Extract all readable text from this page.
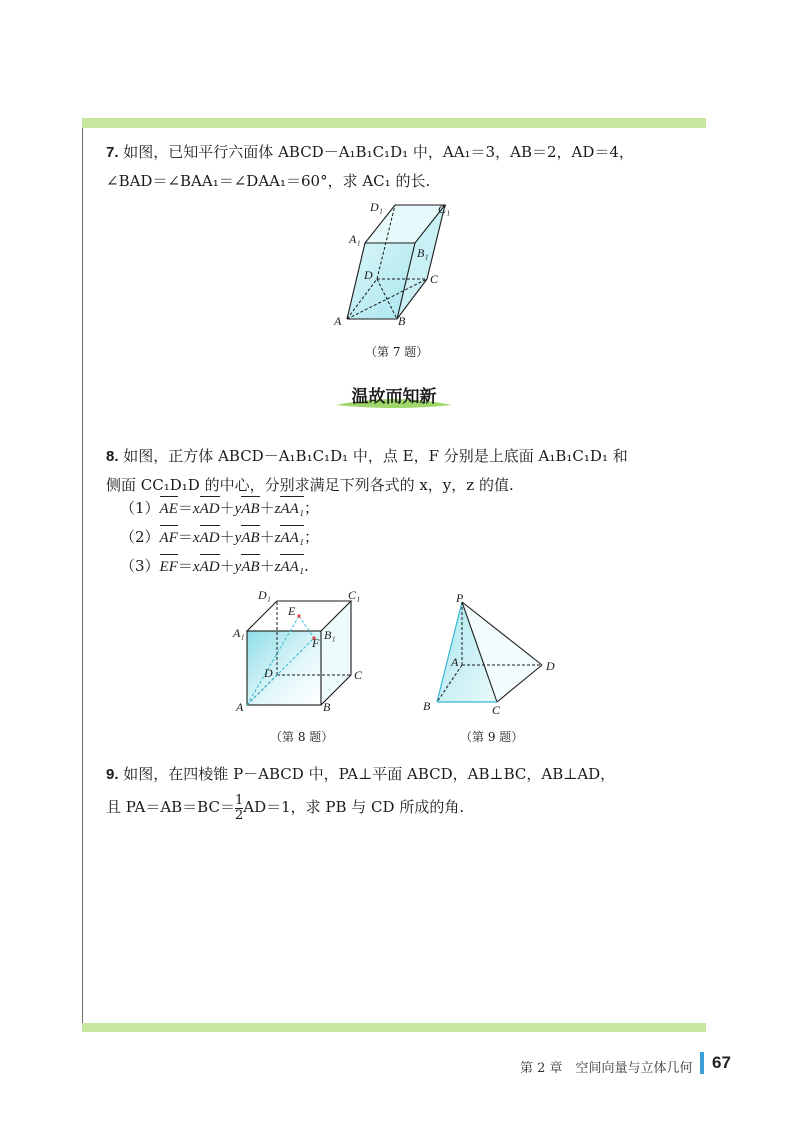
7. 如图，已知平行六面体 ABCD－A₁B₁C₁D₁ 中，AA₁＝3，AB＝2，AD＝4，
∠BAD＝∠BAA₁＝∠DAA₁＝60°，求 AC₁ 的长.
A	B
C
D
A₁
B₁
C₁
D₁
（第 7 题）
温故而知新
8. 如图，正方体 ABCD－A₁B₁C₁D₁ 中，点 E，F 分别是上底面 A₁B₁C₁D₁ 和
侧面 CC₁D₁D 的中心，分别求满足下列各式的 x，y，z 的值.
（1）AE＝xAD＋yAB＋zAA₁；
（2）AF＝xAD＋yAB＋zAA₁；
（3）EF＝xAD＋yAB＋zAA₁.
A	B
C
D
A₁	B₁
C₁
D₁
E
F
（第 8 题）
P
A
B	C
D
（第 9 题）
9. 如图，在四棱锥 P－ABCD 中，PA⊥平面 ABCD，AB⊥BC，AB⊥AD，
且 $PA=AB=BC= \frac{1}{2} AD=1$，求 PB 与 CD 所成的角.
第 2 章　空间向量与立体几何 67
